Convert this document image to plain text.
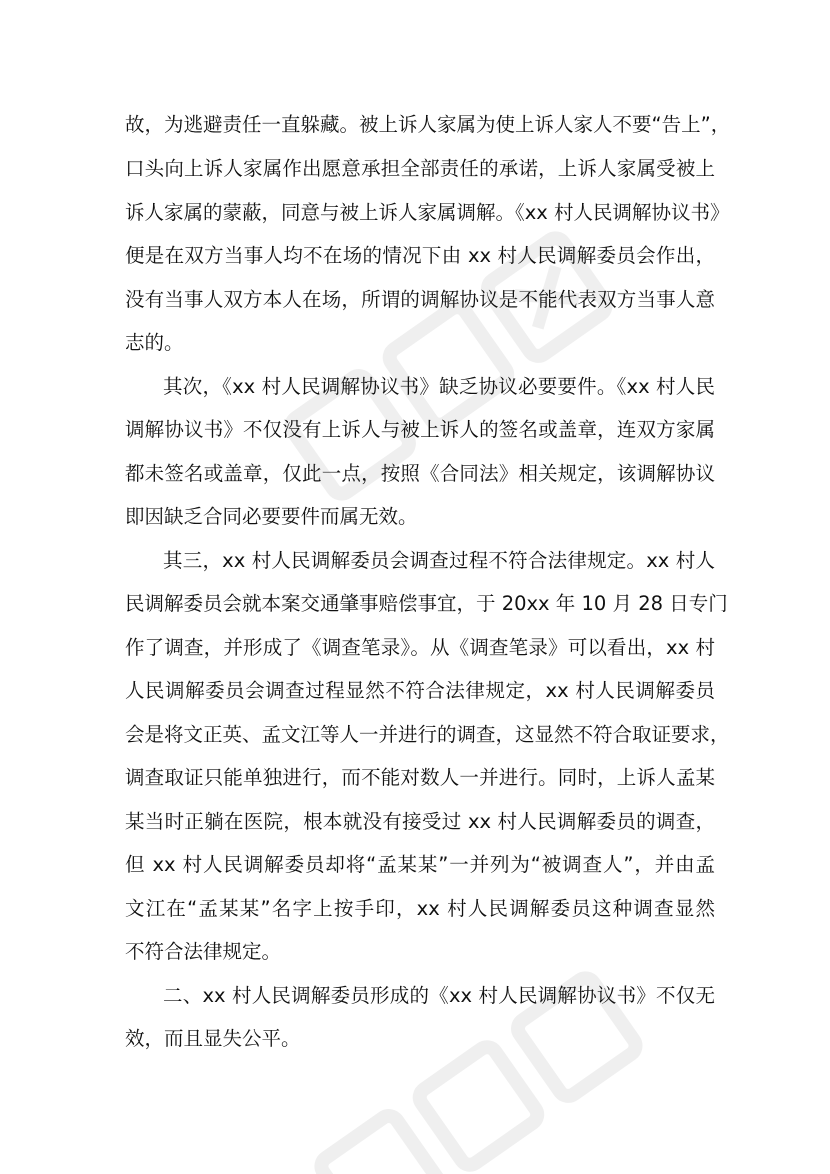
故，为逃避责任一直躲藏。被上诉人家属为使上诉人家人不要“告上”，
口头向上诉人家属作出愿意承担全部责任的承诺，上诉人家属受被上
诉人家属的蒙蔽，同意与被上诉人家属调解。《xx 村人民调解协议书》
便是在双方当事人均不在场的情况下由 xx 村人民调解委员会作出，
没有当事人双方本人在场，所谓的调解协议是不能代表双方当事人意
志的。
其次，《xx 村人民调解协议书》缺乏协议必要要件。《xx 村人民
调解协议书》不仅没有上诉人与被上诉人的签名或盖章，连双方家属
都未签名或盖章，仅此一点，按照《合同法》相关规定，该调解协议
即因缺乏合同必要要件而属无效。
其三，xx 村人民调解委员会调查过程不符合法律规定。xx 村人
民调解委员会就本案交通肇事赔偿事宜，于 20xx 年 10 月 28 日专门
作了调查，并形成了《调查笔录》。从《调查笔录》可以看出，xx 村
人民调解委员会调查过程显然不符合法律规定，xx 村人民调解委员
会是将文正英、孟文江等人一并进行的调查，这显然不符合取证要求，
调查取证只能单独进行，而不能对数人一并进行。同时，上诉人孟某
某当时正躺在医院，根本就没有接受过 xx 村人民调解委员的调查，
但 xx 村人民调解委员却将“孟某某”一并列为“被调查人”，并由孟
文江在“孟某某”名字上按手印，xx 村人民调解委员这种调查显然
不符合法律规定。
二、xx 村人民调解委员形成的《xx 村人民调解协议书》不仅无
效，而且显失公平。
